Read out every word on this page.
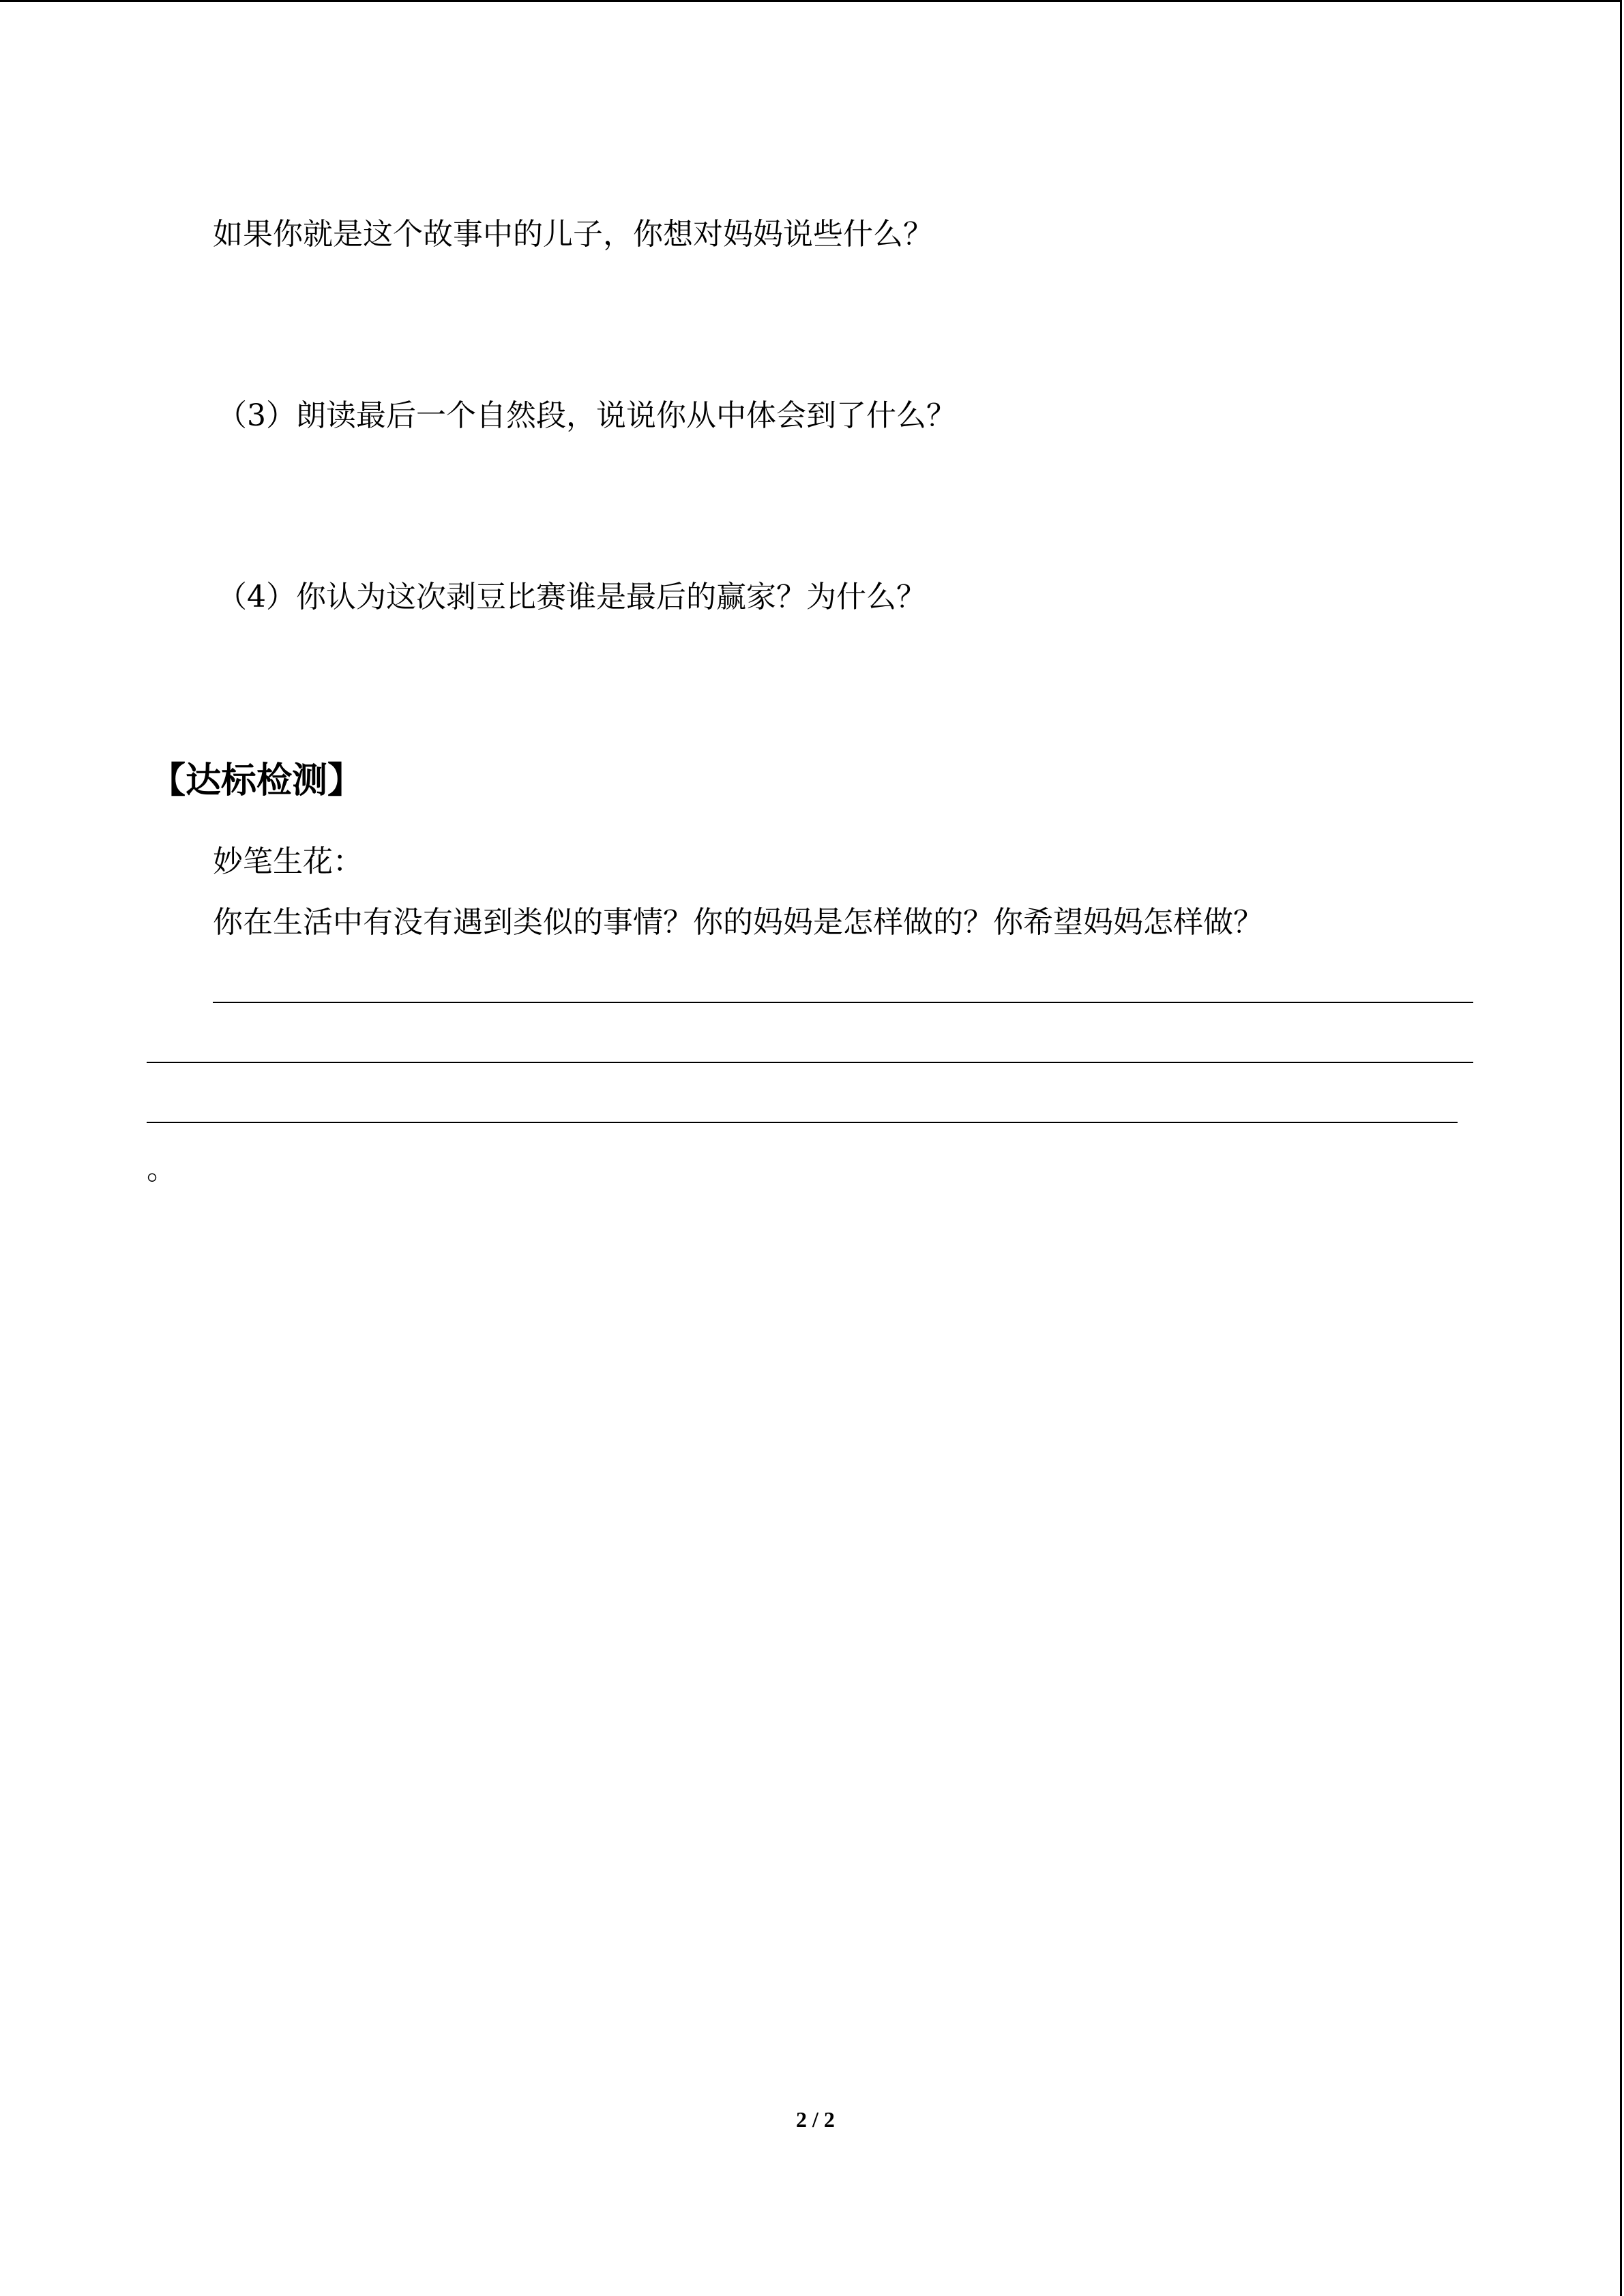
如果你就是这个故事中的儿子，你想对妈妈说些什么？
（3）朗读最后一个自然段，说说你从中体会到了什么？
（4）你认为这次剥豆比赛谁是最后的赢家？为什么？
【达标检测】
妙笔生花：
你在生活中有没有遇到类似的事情？你的妈妈是怎样做的？你希望妈妈怎样做？
。
2 / 2
